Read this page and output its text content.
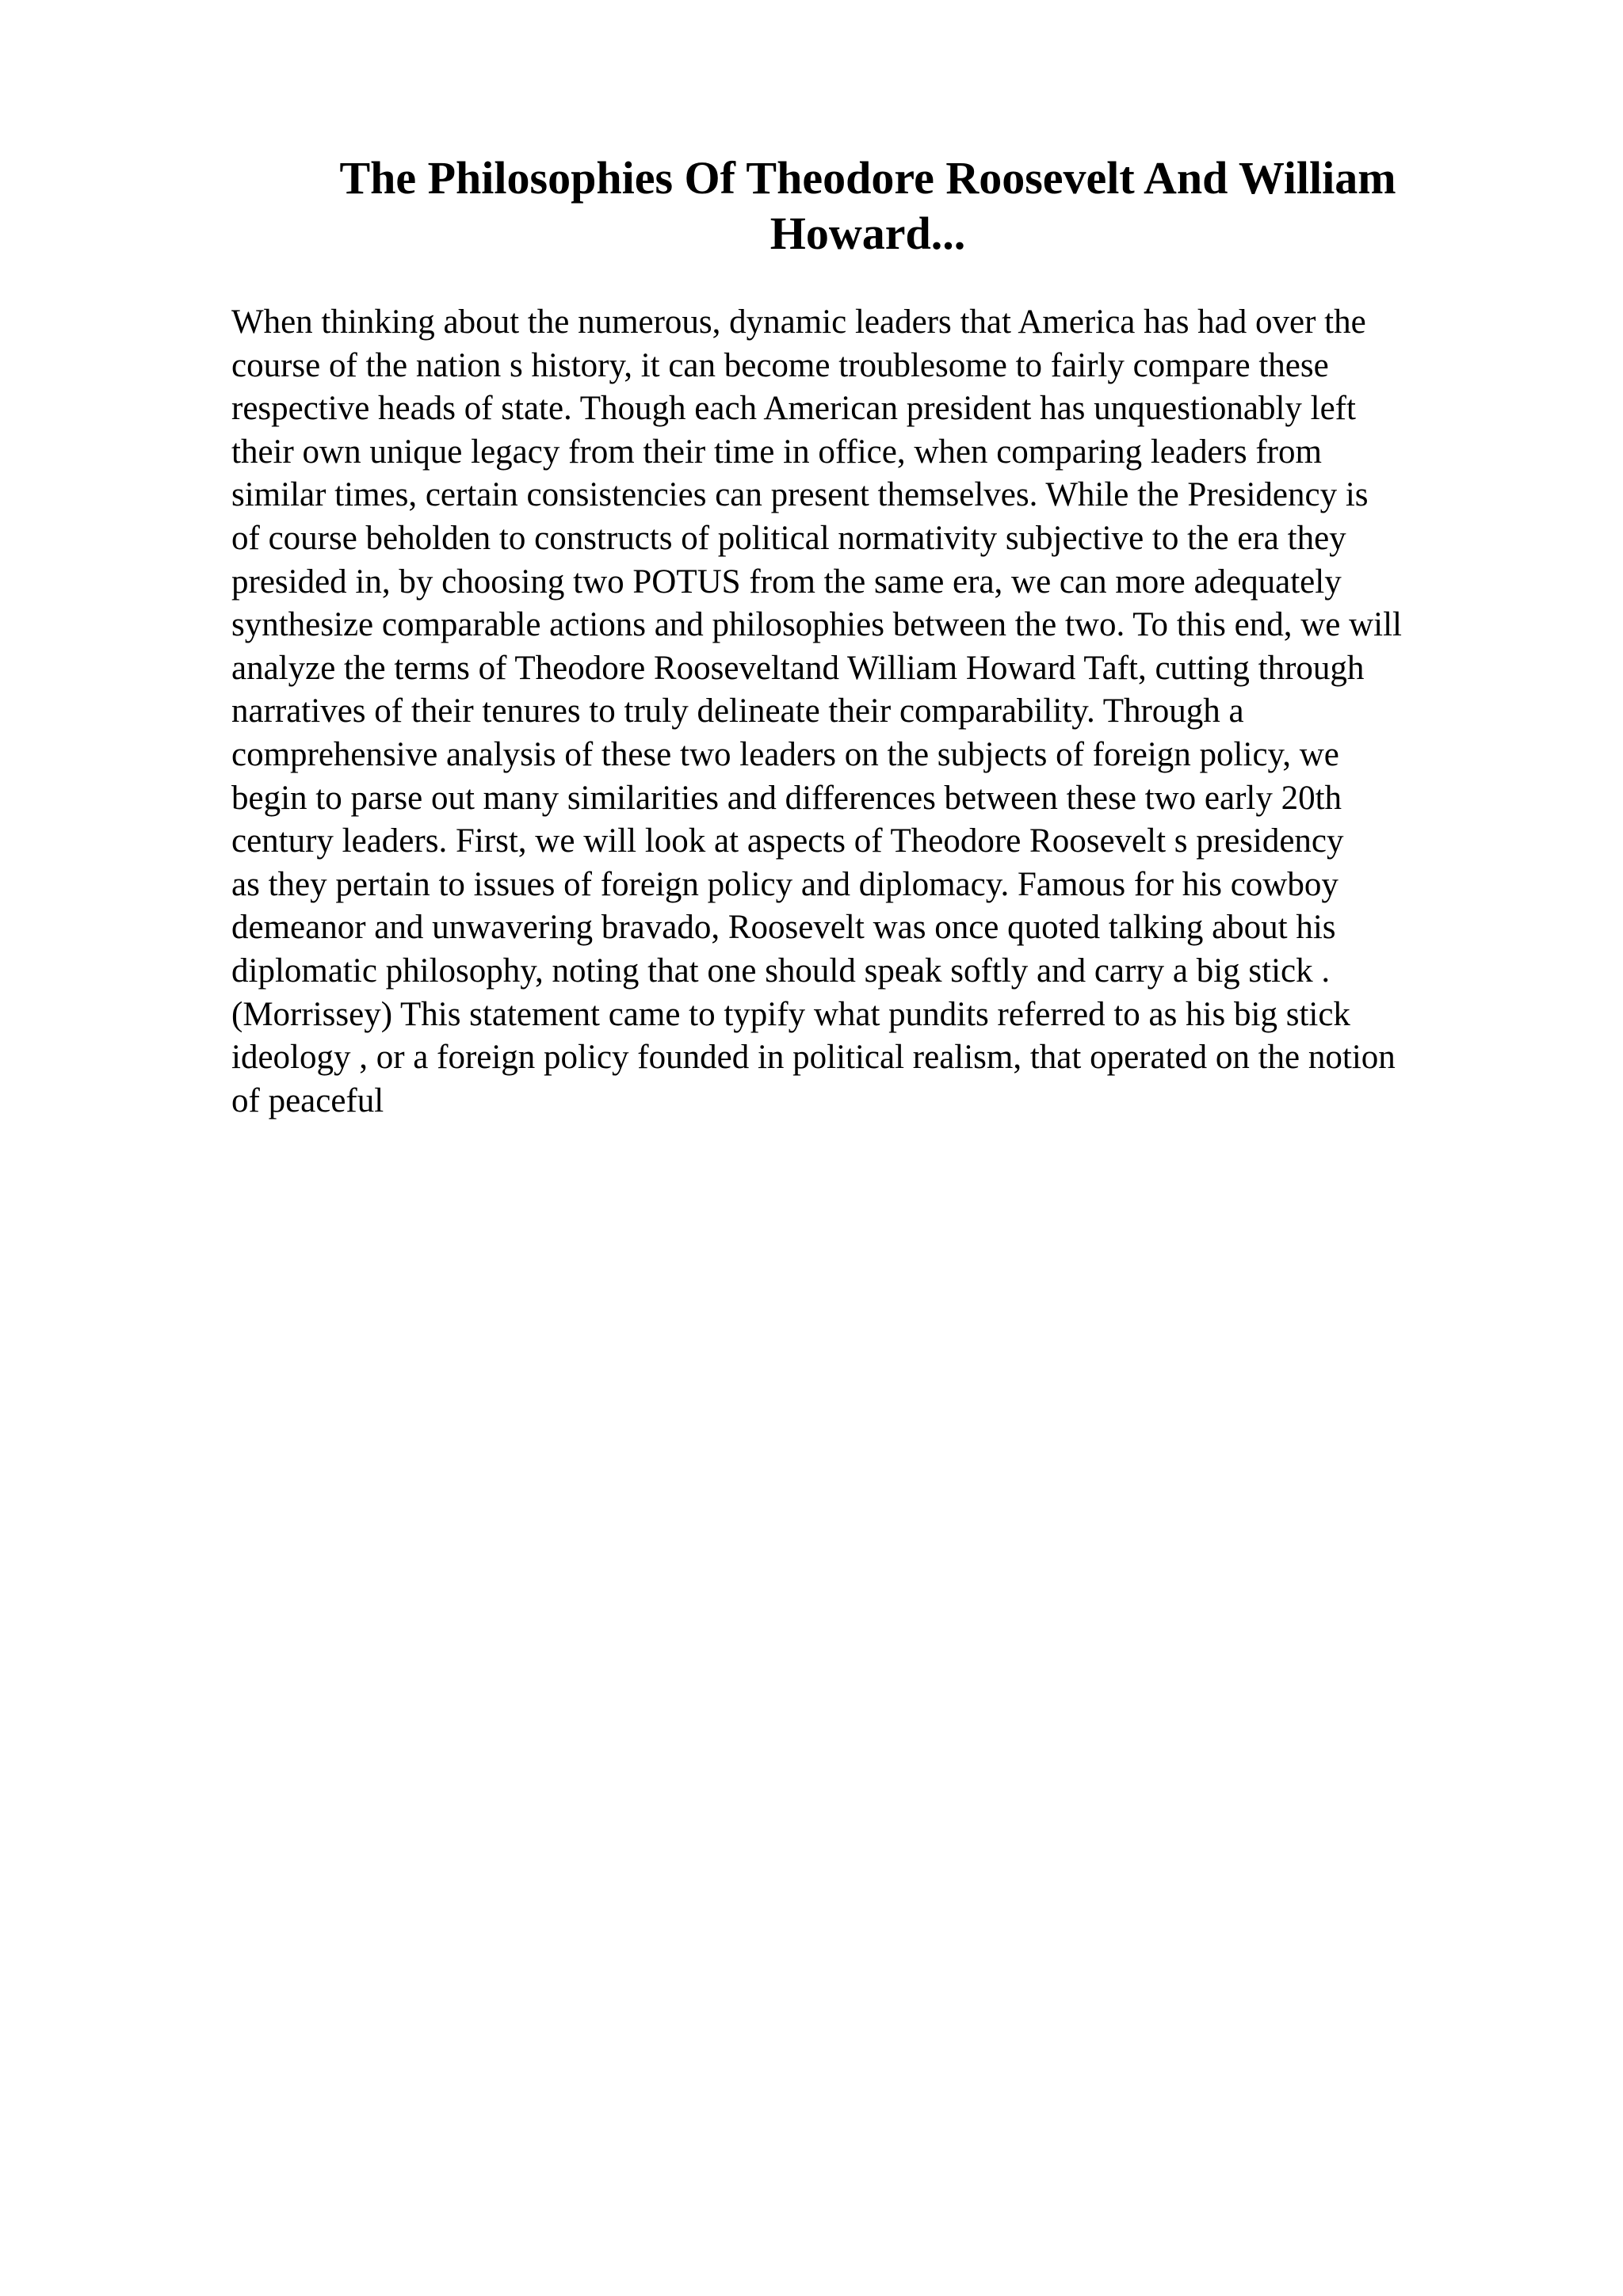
The Philosophies Of Theodore Roosevelt And William
Howard...
When thinking about the numerous, dynamic leaders that America has had over the
course of the nation s history, it can become troublesome to fairly compare these
respective heads of state. Though each American president has unquestionably left
their own unique legacy from their time in office, when comparing leaders from
similar times, certain consistencies can present themselves. While the Presidency is
of course beholden to constructs of political normativity subjective to the era they
presided in, by choosing two POTUS from the same era, we can more adequately
synthesize comparable actions and philosophies between the two. To this end, we will
analyze the terms of Theodore Rooseveltand William Howard Taft, cutting through
narratives of their tenures to truly delineate their comparability. Through a
comprehensive analysis of these two leaders on the subjects of foreign policy, we
begin to parse out many similarities and differences between these two early 20th
century leaders. First, we will look at aspects of Theodore Roosevelt s presidency
as they pertain to issues of foreign policy and diplomacy. Famous for his cowboy
demeanor and unwavering bravado, Roosevelt was once quoted talking about his
diplomatic philosophy, noting that one should speak softly and carry a big stick .
(Morrissey) This statement came to typify what pundits referred to as his big stick
ideology , or a foreign policy founded in political realism, that operated on the notion
of peaceful
